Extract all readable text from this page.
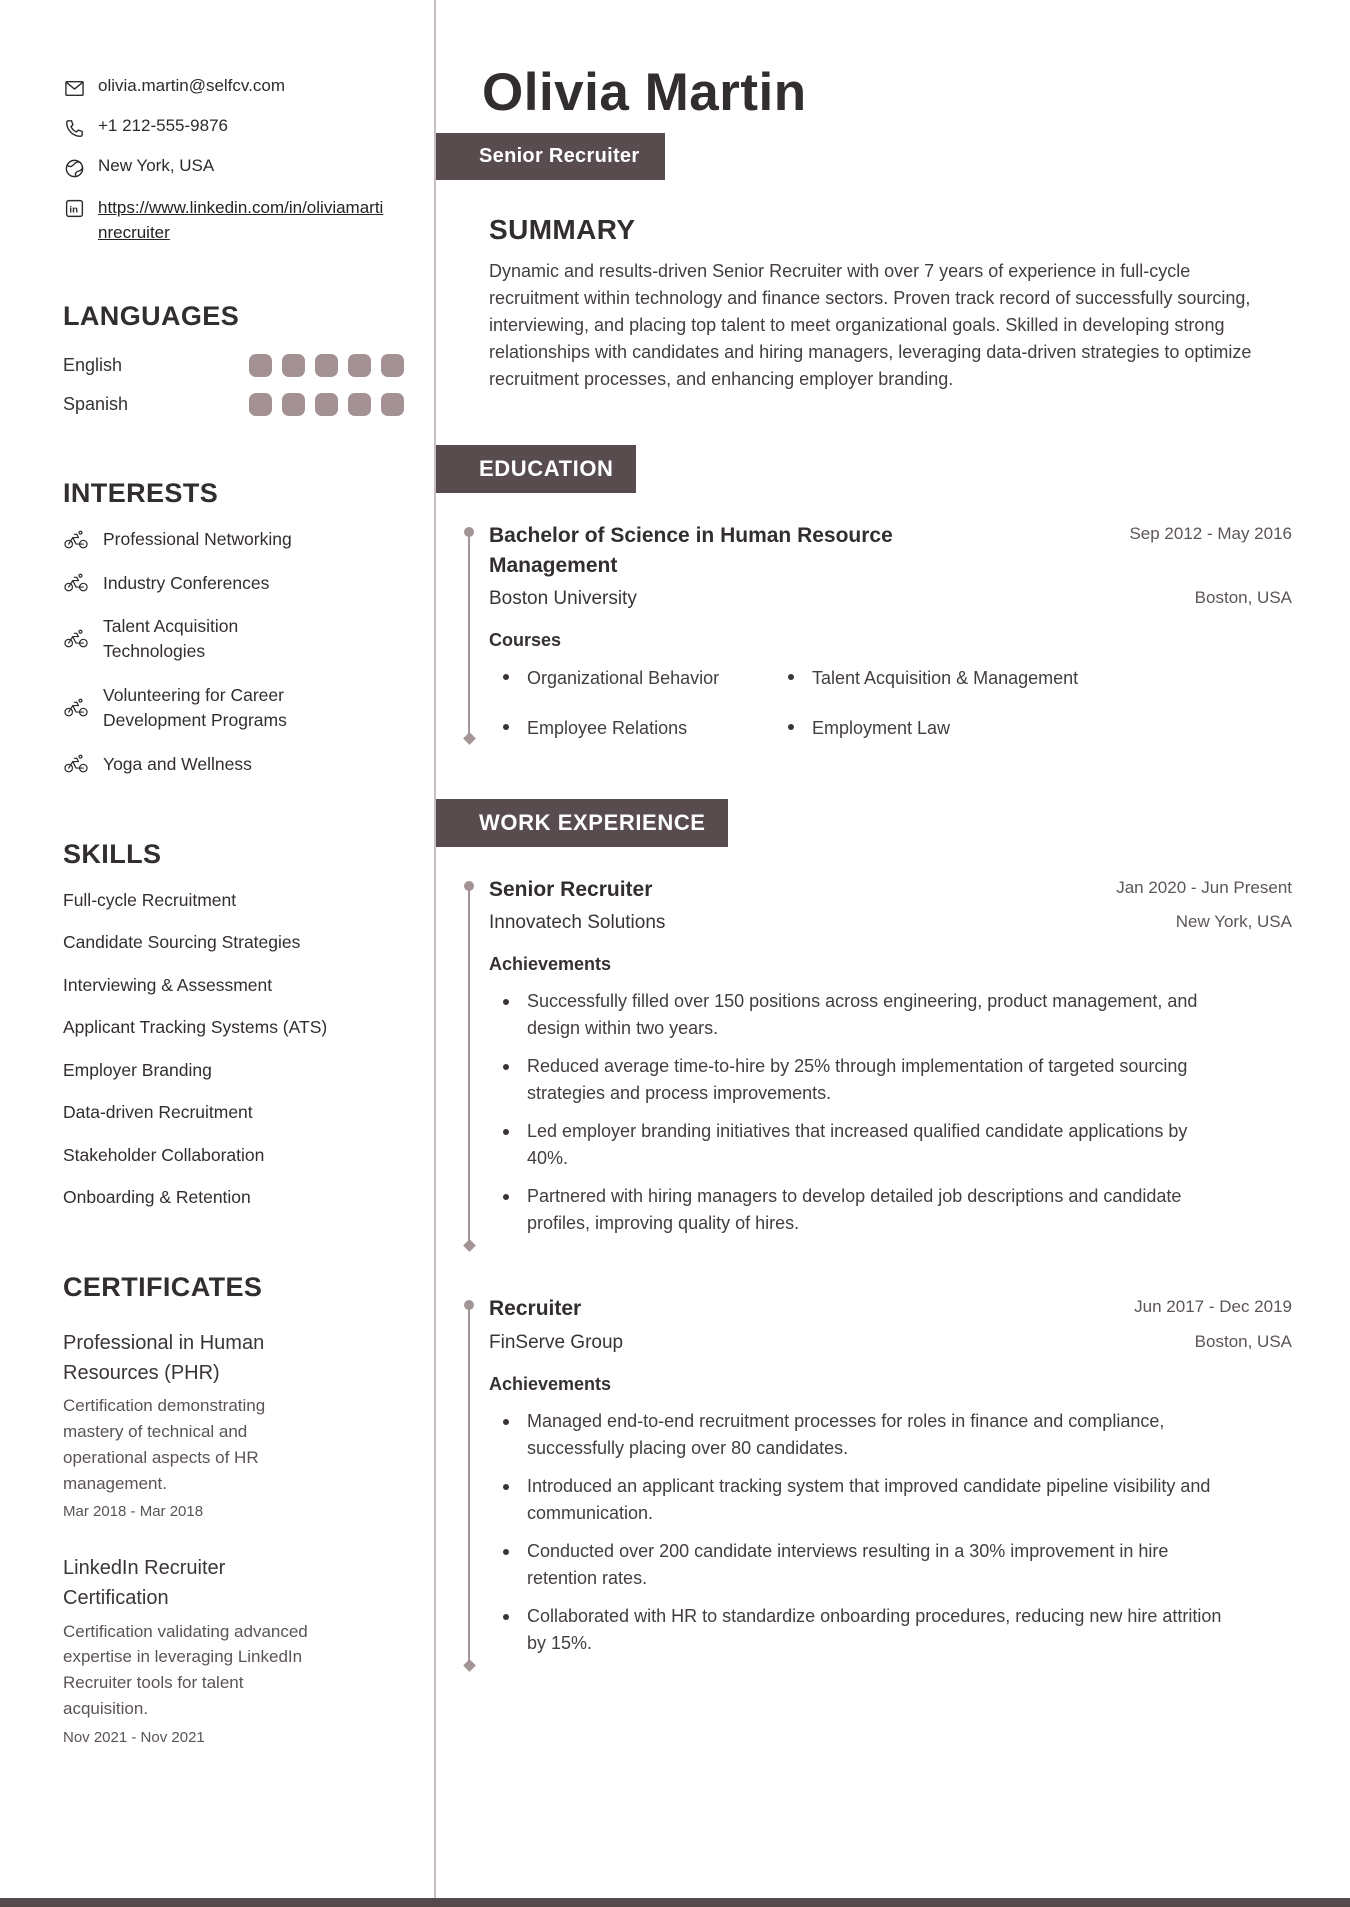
olivia.martin@selfcv.com
+1 212-555-9876
New York, USA
in https://www.linkedin.com/in/oliviamartinrecruiter
LANGUAGES
English
Spanish
INTERESTS
Professional Networking
Industry Conferences
Talent Acquisition Technologies
Volunteering for Career Development Programs
Yoga and Wellness
SKILLS
Full-cycle Recruitment
Candidate Sourcing Strategies
Interviewing & Assessment
Applicant Tracking Systems (ATS)
Employer Branding
Data-driven Recruitment
Stakeholder Collaboration
Onboarding & Retention
CERTIFICATES
Professional in Human Resources (PHR)
Certification demonstrating mastery of technical and operational aspects of HR management.
Mar 2018 - Mar 2018
LinkedIn Recruiter Certification
Certification validating advanced expertise in leveraging LinkedIn Recruiter tools for talent acquisition.
Nov 2021 - Nov 2021
Olivia Martin
Senior Recruiter
SUMMARY

Dynamic and results-driven Senior Recruiter with over 7 years of experience in full-cycle recruitment within technology and finance sectors. Proven track record of successfully sourcing, interviewing, and placing top talent to meet organizational goals. Skilled in developing strong relationships with candidates and hiring managers, leveraging data-driven strategies to optimize recruitment processes, and enhancing employer branding.

EDUCATION
Bachelor of Science in Human Resource Management
Sep 2012 - May 2016
Boston University	Boston, USA
Courses
Organizational Behavior	Talent Acquisition & Management
Employee Relations	Employment Law
WORK EXPERIENCE
Senior Recruiter	Jan 2020 - Jun Present
Innovatech Solutions	New York, USA
Achievements
Successfully filled over 150 positions across engineering, product management, and design within two years.
Reduced average time-to-hire by 25% through implementation of targeted sourcing strategies and process improvements.
Led employer branding initiatives that increased qualified candidate applications by 40%.
Partnered with hiring managers to develop detailed job descriptions and candidate profiles, improving quality of hires.
Recruiter	Jun 2017 - Dec 2019
FinServe Group	Boston, USA
Achievements
Managed end-to-end recruitment processes for roles in finance and compliance, successfully placing over 80 candidates.
Introduced an applicant tracking system that improved candidate pipeline visibility and communication.
Conducted over 200 candidate interviews resulting in a 30% improvement in hire retention rates.
Collaborated with HR to standardize onboarding procedures, reducing new hire attrition by 15%.
